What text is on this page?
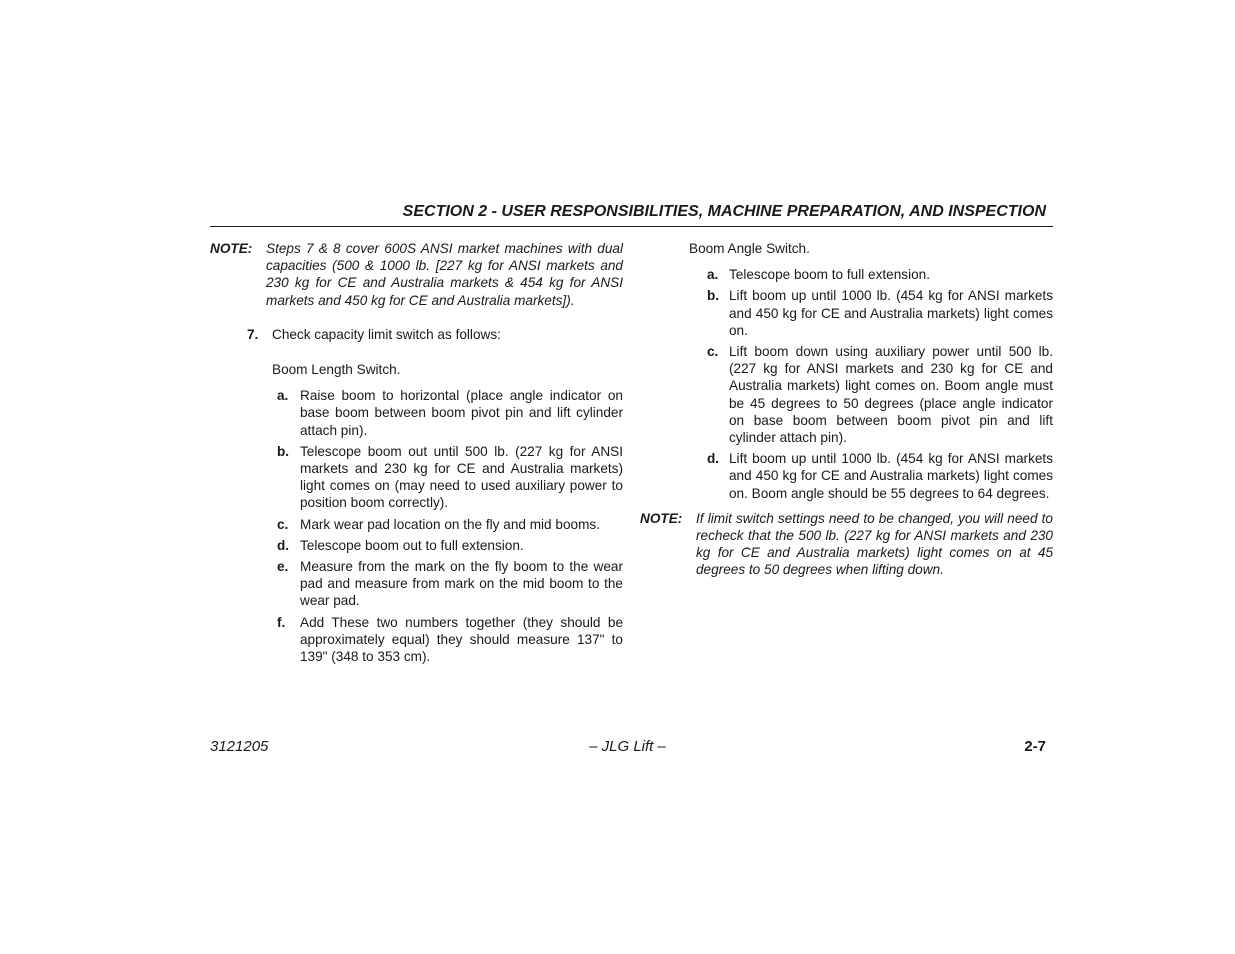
SECTION 2 - USER RESPONSIBILITIES, MACHINE PREPARATION, AND INSPECTION
NOTE: Steps 7 & 8 cover 600S ANSI market machines with dual capacities (500 & 1000 lb. [227 kg for ANSI markets and 230 kg for CE and Australia markets & 454 kg for ANSI markets and 450 kg for CE and Australia markets]).
7. Check capacity limit switch as follows:
Boom Length Switch.
a. Raise boom to horizontal (place angle indicator on base boom between boom pivot pin and lift cylinder attach pin).
b. Telescope boom out until 500 lb. (227 kg for ANSI markets and 230 kg for CE and Australia markets) light comes on (may need to used auxiliary power to position boom correctly).
c. Mark wear pad location on the fly and mid booms.
d. Telescope boom out to full extension.
e. Measure from the mark on the fly boom to the wear pad and measure from mark on the mid boom to the wear pad.
f. Add These two numbers together (they should be approximately equal) they should measure 137" to 139" (348 to 353 cm).
Boom Angle Switch.
a. Telescope boom to full extension.
b. Lift boom up until 1000 lb. (454 kg for ANSI markets and 450 kg for CE and Australia markets) light comes on.
c. Lift boom down using auxiliary power until 500 lb. (227 kg for ANSI markets and 230 kg for CE and Australia markets) light comes on. Boom angle must be 45 degrees to 50 degrees (place angle indicator on base boom between boom pivot pin and lift cylinder attach pin).
d. Lift boom up until 1000 lb. (454 kg for ANSI markets and 450 kg for CE and Australia markets) light comes on. Boom angle should be 55 degrees to 64 degrees.
NOTE: If limit switch settings need to be changed, you will need to recheck that the 500 lb. (227 kg for ANSI markets and 230 kg for CE and Australia markets) light comes on at 45 degrees to 50 degrees when lifting down.
3121205	– JLG Lift –	2-7
